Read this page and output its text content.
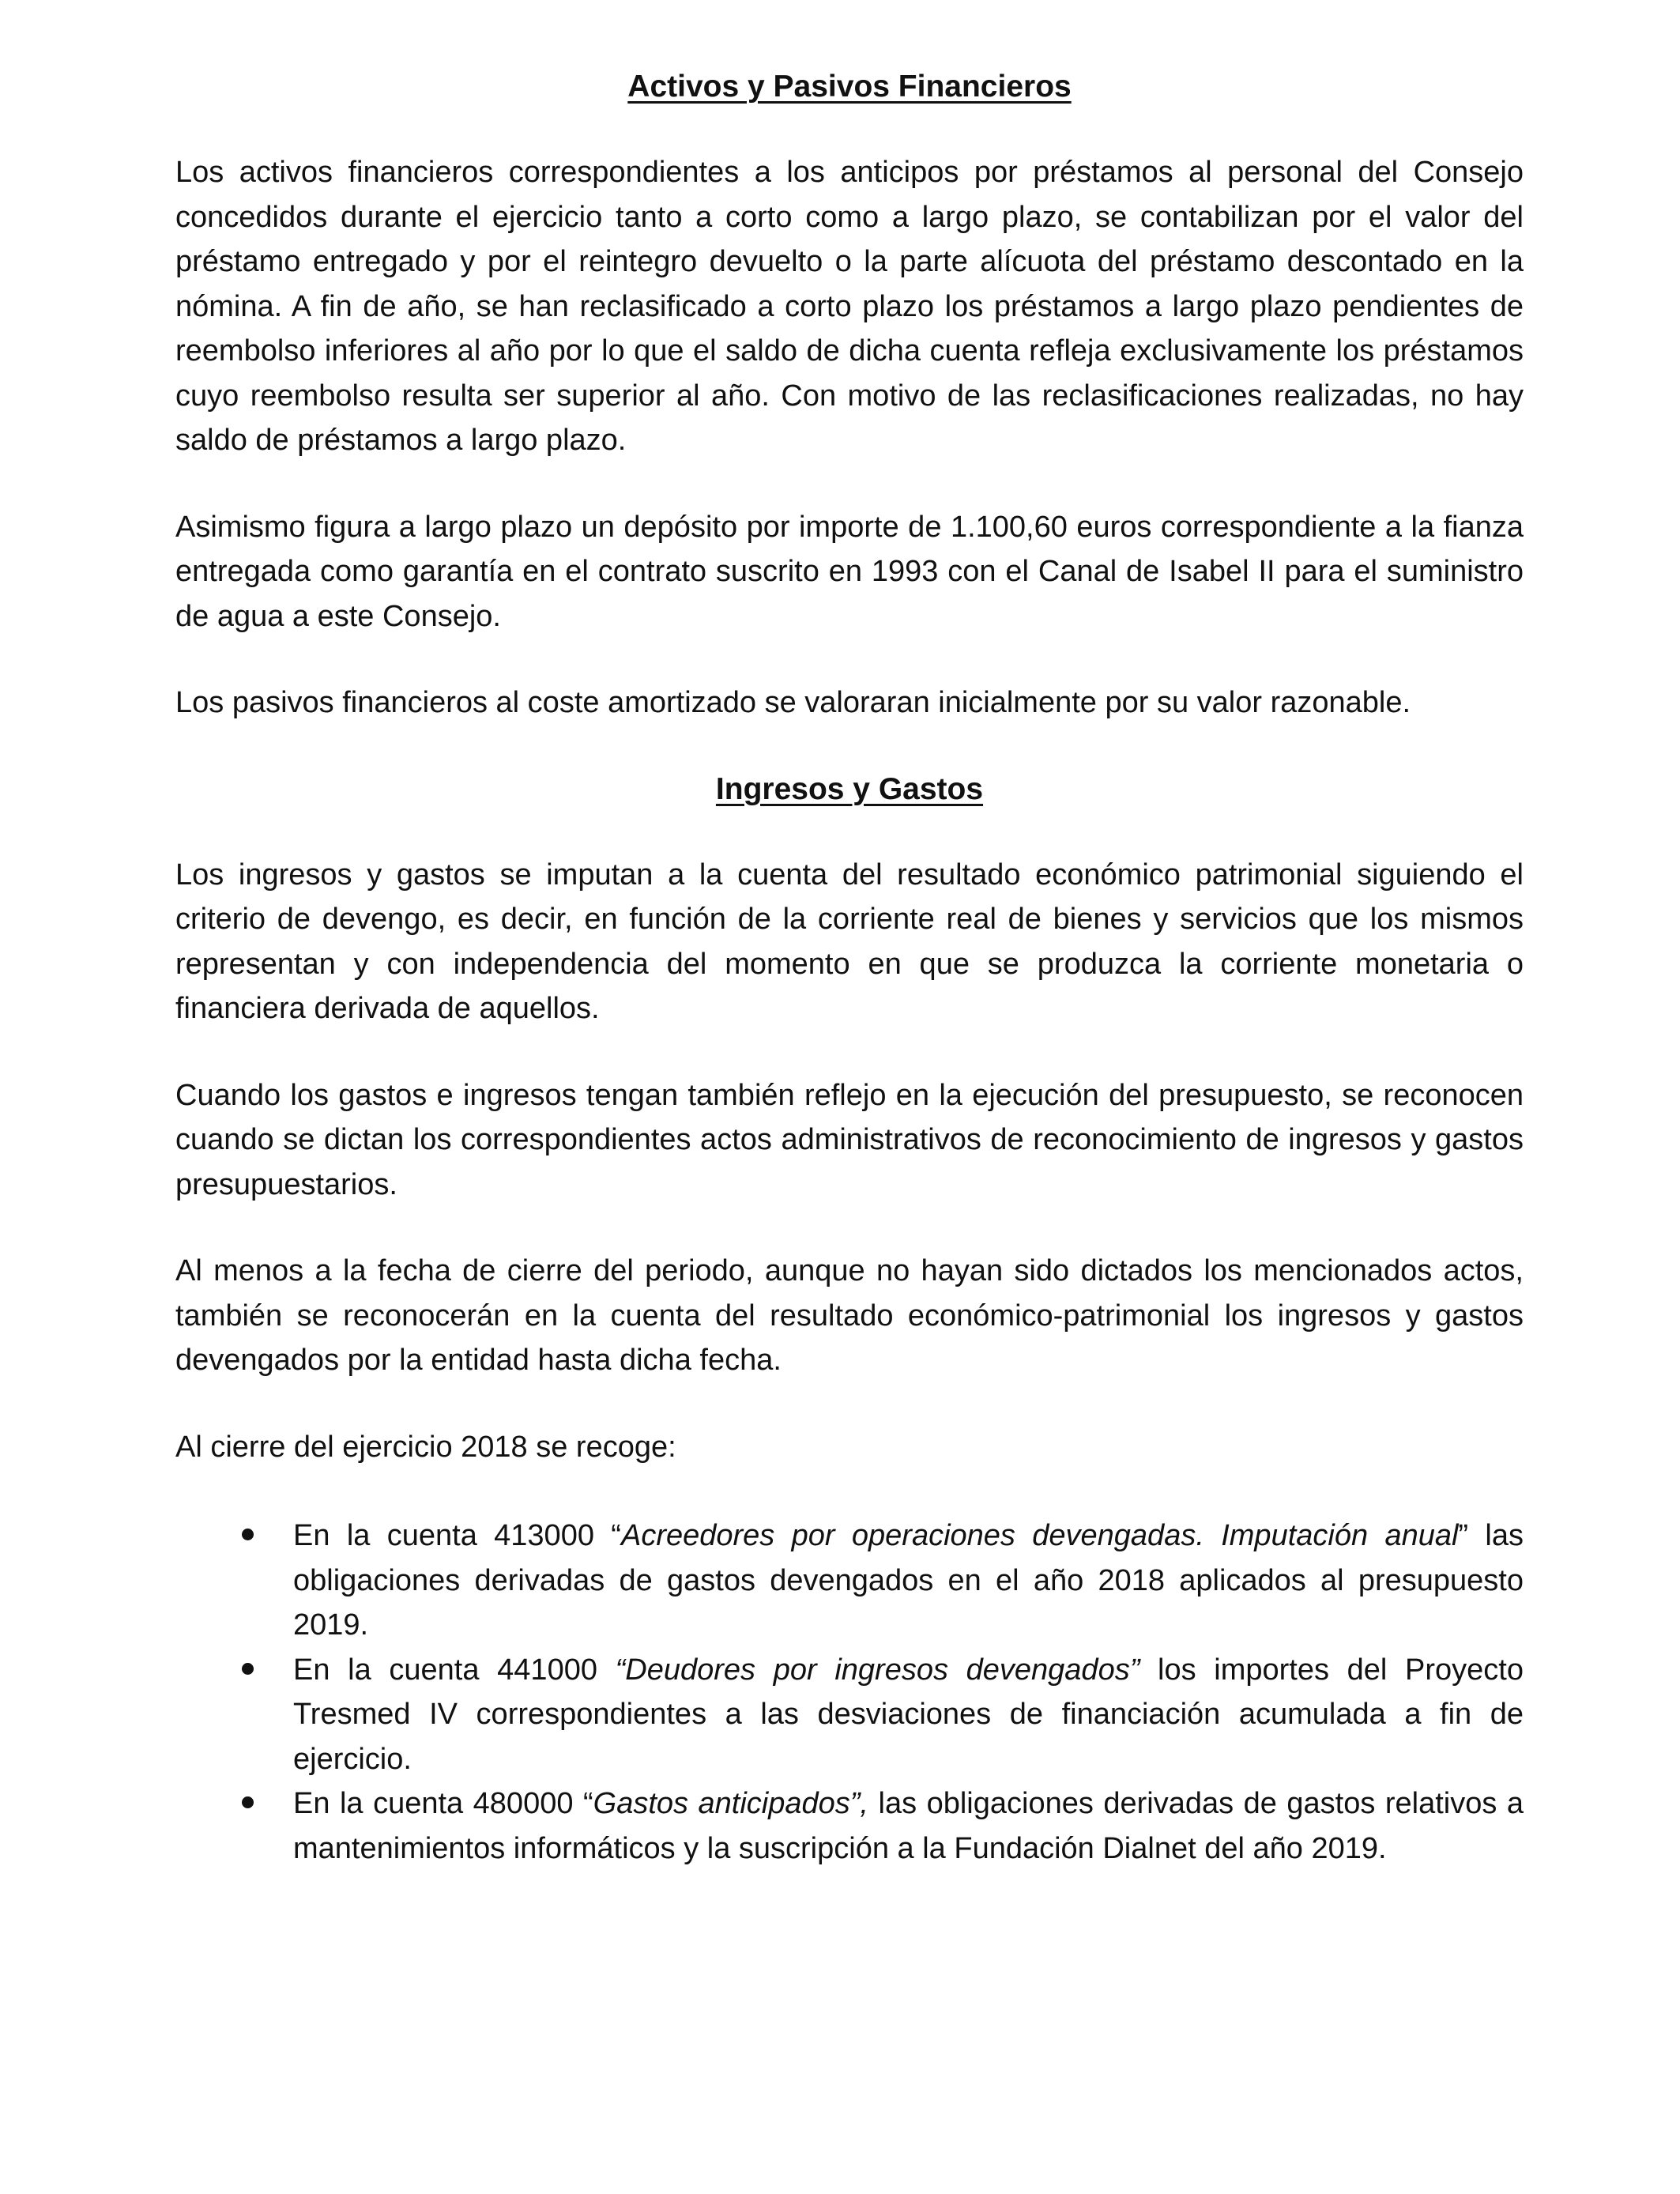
Activos y Pasivos Financieros

Los activos financieros correspondientes a los anticipos por préstamos al personal del Consejo concedidos durante el ejercicio tanto a corto como a largo plazo, se contabilizan por el valor del préstamo entregado y por el reintegro devuelto o la parte alícuota del préstamo descontado en la nómina. A fin de año, se han reclasificado a corto plazo los préstamos a largo plazo pendientes de reembolso inferiores al año por lo que el saldo de dicha cuenta refleja exclusivamente los préstamos cuyo reembolso resulta ser superior al año. Con motivo de las reclasificaciones realizadas, no hay saldo de préstamos a largo plazo.

Asimismo figura a largo plazo un depósito por importe de 1.100,60 euros correspondiente a la fianza entregada como garantía en el contrato suscrito en 1993 con el Canal de Isabel II para el suministro de agua a este Consejo.

Los pasivos financieros al coste amortizado se valoraran inicialmente por su valor razonable.

Ingresos y Gastos

Los ingresos y gastos se imputan a la cuenta del resultado económico patrimonial siguiendo el criterio de devengo, es decir, en función de la corriente real de bienes y servicios que los mismos representan y con independencia del momento en que se produzca la corriente monetaria o financiera derivada de aquellos.

Cuando los gastos e ingresos tengan también reflejo en la ejecución del presupuesto, se reconocen cuando se dictan los correspondientes actos administrativos de reconocimiento de ingresos y gastos presupuestarios.

Al menos a la fecha de cierre del periodo, aunque no hayan sido dictados los mencionados actos, también se reconocerán en la cuenta del resultado económico-patrimonial los ingresos y gastos devengados por la entidad hasta dicha fecha.

Al cierre del ejercicio 2018 se recoge:

En la cuenta 413000 “Acreedores por operaciones devengadas. Imputación anual” las obligaciones derivadas de gastos devengados en el año 2018 aplicados al presupuesto 2019.
En la cuenta 441000 “Deudores por ingresos devengados” los importes del Proyecto Tresmed IV correspondientes a las desviaciones de financiación acumulada a fin de ejercicio.
En la cuenta 480000 “Gastos anticipados”, las obligaciones derivadas de gastos relativos a mantenimientos informáticos y la suscripción a la Fundación Dialnet del año 2019.
